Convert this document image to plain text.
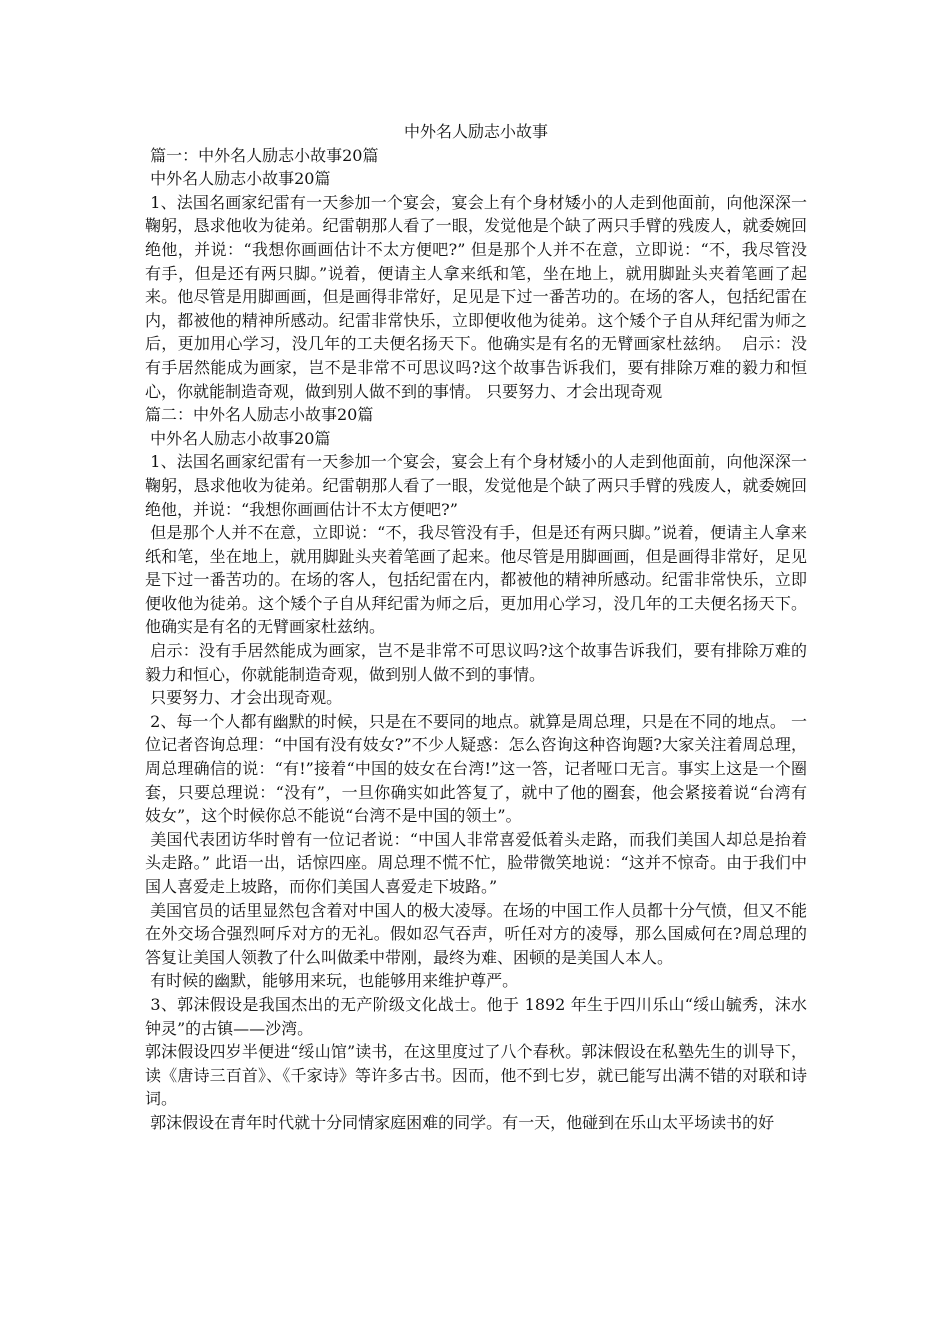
中外名人励志小故事

篇一：中外名人励志小故事20篇

中外名人励志小故事20篇

1、法国名画家纪雷有一天参加一个宴会，宴会上有个身材矮小的人走到他面前，向他深深一鞠躬，恳求他收为徒弟。纪雷朝那人看了一眼，发觉他是个缺了两只手臂的残废人，就委婉回绝他，并说：“我想你画画估计不太方便吧?” 但是那个人并不在意，立即说：“不，我尽管没有手，但是还有两只脚。”说着，便请主人拿来纸和笔，坐在地上，就用脚趾头夹着笔画了起来。他尽管是用脚画画，但是画得非常好，足见是下过一番苦功的。在场的客人，包括纪雷在内，都被他的精神所感动。纪雷非常快乐，立即便收他为徒弟。这个矮个子自从拜纪雷为师之后，更加用心学习，没几年的工夫便名扬天下。他确实是有名的无臂画家杜兹纳。  启示：没有手居然能成为画家，岂不是非常不可思议吗?这个故事告诉我们，要有排除万难的毅力和恒心，你就能制造奇观，做到别人做不到的事情。 只要努力、才会出现奇观

篇二：中外名人励志小故事20篇

中外名人励志小故事20篇

1、法国名画家纪雷有一天参加一个宴会，宴会上有个身材矮小的人走到他面前，向他深深一鞠躬，恳求他收为徒弟。纪雷朝那人看了一眼，发觉他是个缺了两只手臂的残废人，就委婉回绝他，并说：“我想你画画估计不太方便吧?”

但是那个人并不在意，立即说：“不，我尽管没有手，但是还有两只脚。”说着，便请主人拿来纸和笔，坐在地上，就用脚趾头夹着笔画了起来。他尽管是用脚画画，但是画得非常好，足见是下过一番苦功的。在场的客人，包括纪雷在内，都被他的精神所感动。纪雷非常快乐，立即便收他为徒弟。这个矮个子自从拜纪雷为师之后，更加用心学习，没几年的工夫便名扬天下。他确实是有名的无臂画家杜兹纳。

启示：没有手居然能成为画家，岂不是非常不可思议吗?这个故事告诉我们，要有排除万难的毅力和恒心，你就能制造奇观，做到别人做不到的事情。

只要努力、才会出现奇观。

2、每一个人都有幽默的时候，只是在不要同的地点。就算是周总理，只是在不同的地点。 一位记者咨询总理：“中国有没有妓女?”不少人疑惑：怎么咨询这种咨询题?大家关注着周总理，周总理确信的说：“有!”接着“中国的妓女在台湾!”这一答，记者哑口无言。事实上这是一个圈套，只要总理说：“没有”，一旦你确实如此答复了，就中了他的圈套，他会紧接着说“台湾有妓女”，这个时候你总不能说“台湾不是中国的领土”。

美国代表团访华时曾有一位记者说：“中国人非常喜爱低着头走路，而我们美国人却总是抬着头走路。” 此语一出，话惊四座。周总理不慌不忙，脸带微笑地说：“这并不惊奇。由于我们中国人喜爱走上坡路，而你们美国人喜爱走下坡路。”

美国官员的话里显然包含着对中国人的极大凌辱。在场的中国工作人员都十分气愤，但又不能在外交场合强烈呵斥对方的无礼。假如忍气吞声，听任对方的凌辱，那么国威何在?周总理的答复让美国人领教了什么叫做柔中带刚，最终为难、困顿的是美国人本人。

有时候的幽默，能够用来玩，也能够用来维护尊严。

3、郭沫假设是我国杰出的无产阶级文化战士。他于 1892 年生于四川乐山“绥山毓秀，沫水钟灵”的古镇——沙湾。

郭沫假设四岁半便进“绥山馆”读书，在这里度过了八个春秋。郭沫假设在私塾先生的训导下，读《唐诗三百首》、《千家诗》等许多古书。因而，他不到七岁，就已能写出满不错的对联和诗词。

郭沫假设在青年时代就十分同情家庭困难的同学。有一天，他碰到在乐山太平场读书的好
